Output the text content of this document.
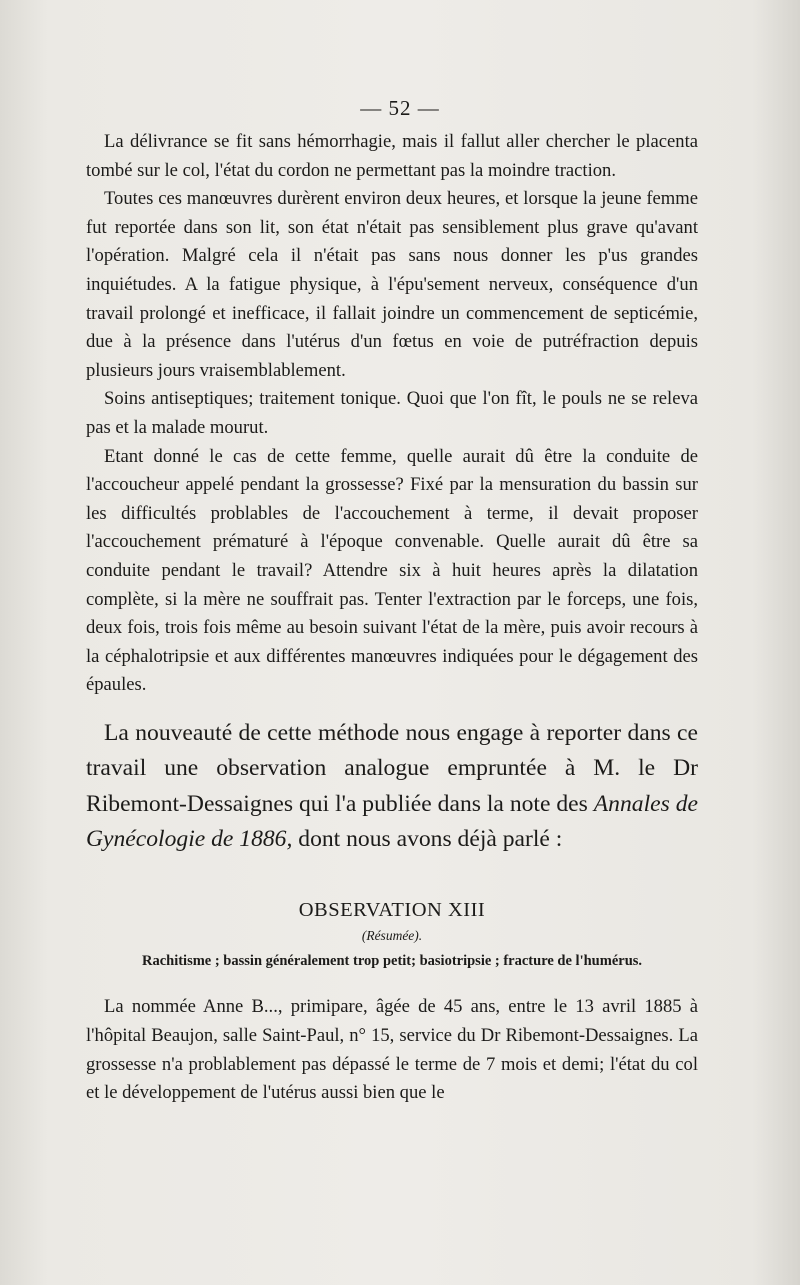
— 52 —

La délivrance se fit sans hémorrhagie, mais il fallut aller chercher le placenta tombé sur le col, l'état du cordon ne permettant pas la moindre traction.

Toutes ces manœuvres durèrent environ deux heures, et lorsque la jeune femme fut reportée dans son lit, son état n'était pas sensiblement plus grave qu'avant l'opération. Malgré cela il n'était pas sans nous donner les p'us grandes inquiétudes. A la fatigue physique, à l'épu'sement nerveux, conséquence d'un travail prolongé et inefficace, il fallait joindre un commencement de septicémie, due à la présence dans l'utérus d'un fœtus en voie de putréfraction depuis plusieurs jours vraisemblablement.

Soins antiseptiques; traitement tonique. Quoi que l'on fît, le pouls ne se releva pas et la malade mourut.

Etant donné le cas de cette femme, quelle aurait dû être la conduite de l'accoucheur appelé pendant la grossesse? Fixé par la mensuration du bassin sur les difficultés problables de l'accouchement à terme, il devait proposer l'accouchement prématuré à l'époque convenable. Quelle aurait dû être sa conduite pendant le travail? Attendre six à huit heures après la dilatation complète, si la mère ne souffrait pas. Tenter l'extraction par le forceps, une fois, deux fois, trois fois même au besoin suivant l'état de la mère, puis avoir recours à la céphalotripsie et aux différentes manœuvres indiquées pour le dégagement des épaules.

La nouveauté de cette méthode nous engage à reporter dans ce travail une observation analogue empruntée à M. le Dr Ribemont-Dessaignes qui l'a publiée dans la note des Annales de Gynécologie de 1886, dont nous avons déjà parlé :

OBSERVATION XIII
(Résumée).
Rachitisme ; bassin généralement trop petit; basiotripsie ; fracture de l'humérus.

La nommée Anne B..., primipare, âgée de 45 ans, entre le 13 avril 1885 à l'hôpital Beaujon, salle Saint-Paul, n° 15, service du Dr Ribemont-Dessaignes. La grossesse n'a problablement pas dépassé le terme de 7 mois et demi; l'état du col et le développement de l'utérus aussi bien que le
